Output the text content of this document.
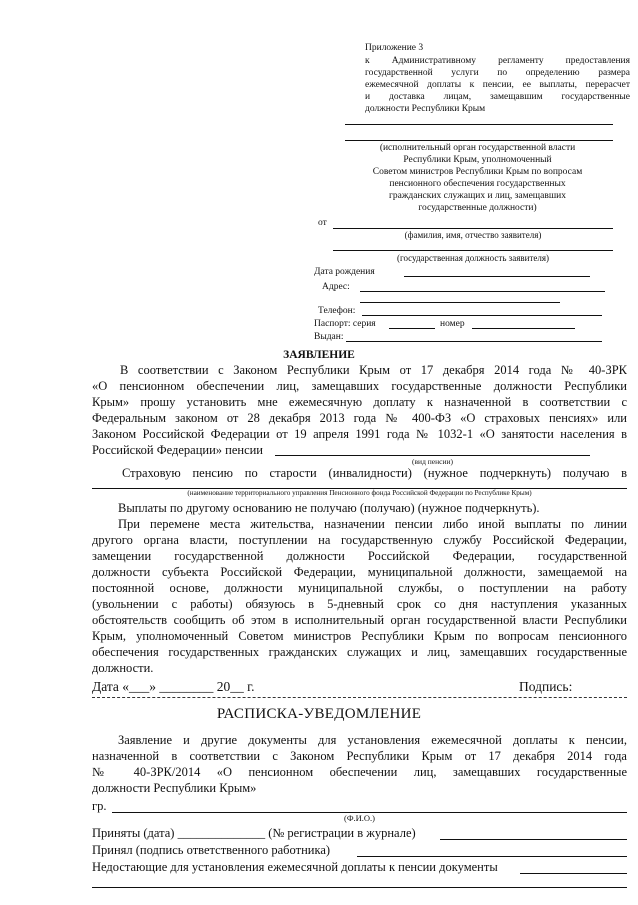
Приложение 3
к Административному регламенту предоставления
государственной услуги по определению размера
ежемесячной доплаты к пенсии, ее выплаты, перерасчет
и доставка лицам, замещавшим государственные
должности Республики Крым
(исполнительный орган государственной власти
Республики Крым, уполномоченный
Советом министров Республики Крым по вопросам
пенсионного обеспечения государственных
гражданских служащих и лиц, замещавших
государственные должности)
от
(фамилия, имя, отчество заявителя)
(государственная должность заявителя)
Дата рождения
Адрес:
Телефон:
Паспорт: серия	номер
Выдан:
ЗАЯВЛЕНИЕ
В соответствии с Законом Республики Крым от 17 декабря 2014 года № 40-ЗРК
«О пенсионном обеспечении лиц, замещавших государственные должности Республики
Крым» прошу установить мне ежемесячную доплату к назначенной в соответствии с
Федеральным законом от 28 декабря 2013 года № 400-ФЗ «О страховых пенсиях» или
Законом Российской Федерации от 19 апреля 1991 года № 1032-1 «О занятости населения в
Российской Федерации» пенсии
(вид пенсии)
Страховую пенсию по старости (инвалидности) (нужное подчеркнуть) получаю в
(наименование территориального управления Пенсионного фонда Российской Федерации по Республике Крым)
Выплаты по другому основанию не получаю (получаю) (нужное подчеркнуть).
При перемене места жительства, назначении пенсии либо иной выплаты по линии
другого органа власти, поступлении на государственную службу Российской Федерации,
замещении государственной должности Российской Федерации, государственной
должности субъекта Российской Федерации, муниципальной должности, замещаемой на
постоянной основе, должности муниципальной службы, о поступлении на работу
(увольнении с работы) обязуюсь в 5-дневный срок со дня наступления указанных
обстоятельств сообщить об этом в исполнительный орган государственной власти Республики
Крым, уполномоченный Советом министров Республики Крым по вопросам пенсионного
обеспечения государственных гражданских служащих и лиц, замещавших государственные
должности.
Дата «___» ________ 20__ г.	Подпись:
РАСПИСКА-УВЕДОМЛЕНИЕ
Заявление и другие документы для установления ежемесячной доплаты к пенсии,
назначенной в соответствии с Законом Республики Крым от 17 декабря 2014 года
№ 40-ЗРК/2014 «О пенсионном обеспечении лиц, замещавших государственные
должности Республики Крым»
гр.
(Ф.И.О.)
Приняты (дата) ______________ (№ регистрации в журнале)
Принял (подпись ответственного работника)
Недостающие для установления ежемесячной доплаты к пенсии документы
